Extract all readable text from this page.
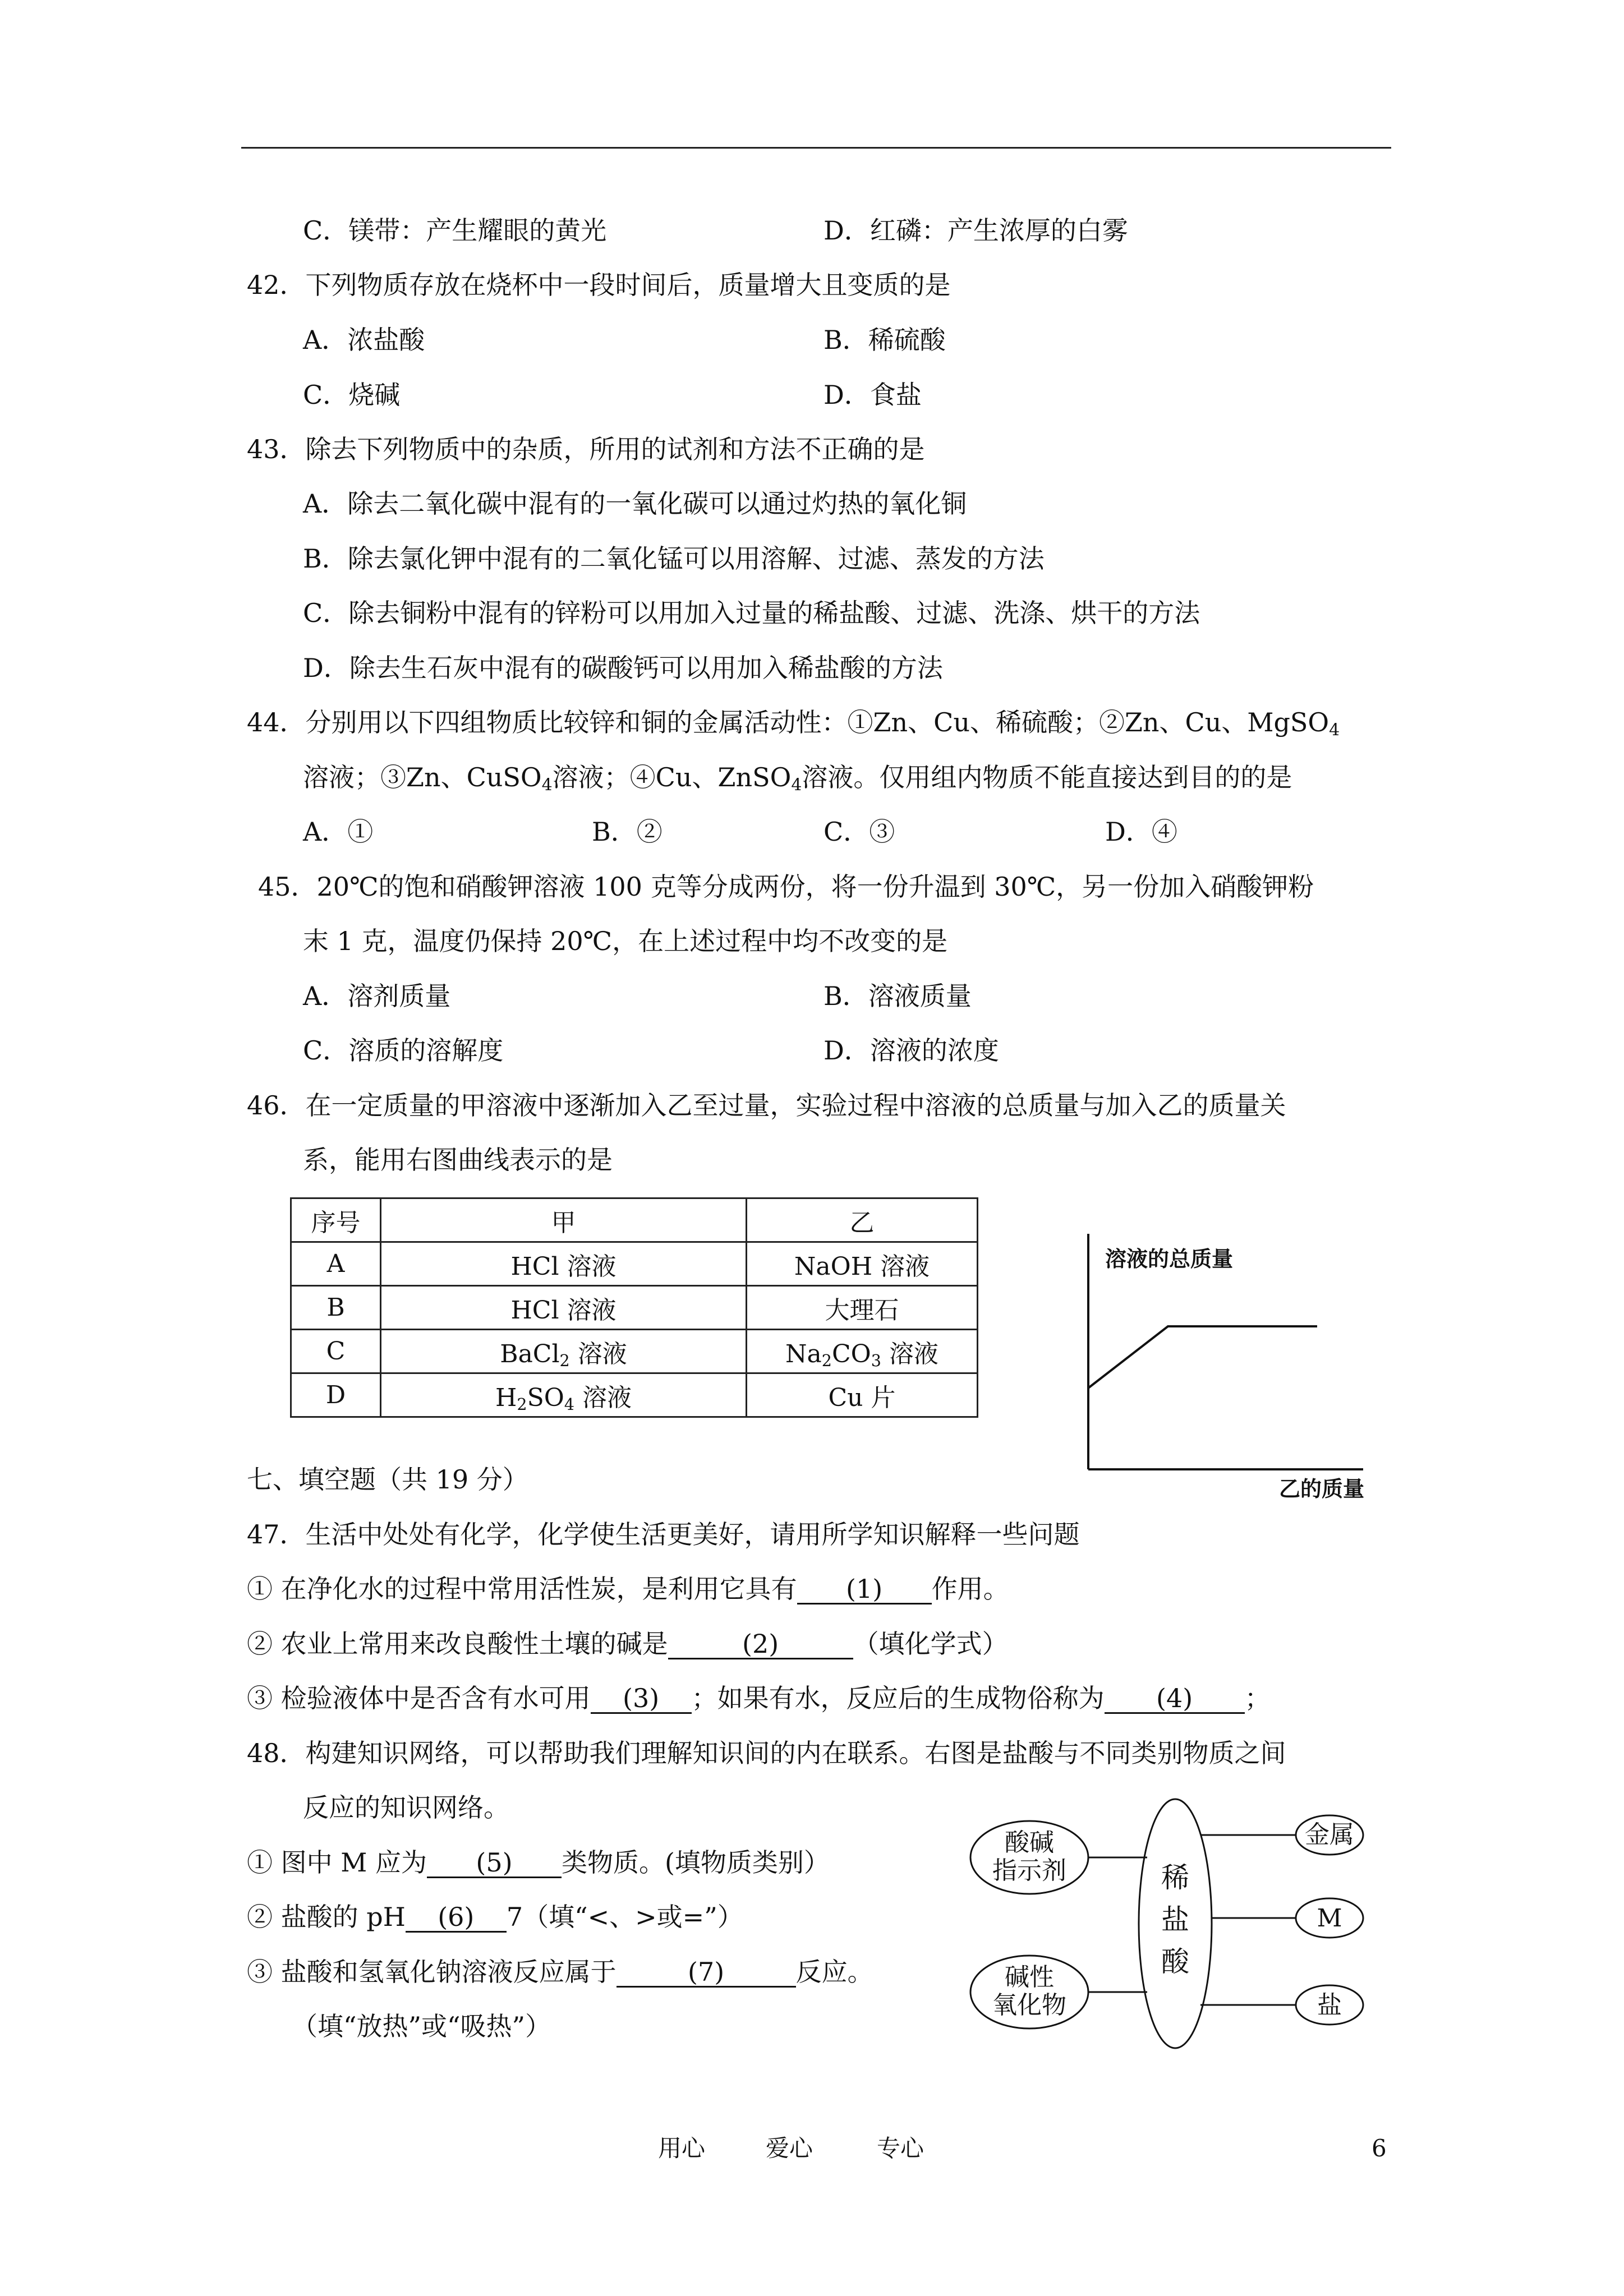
C．镁带：产生耀眼的黄光	D．红磷：产生浓厚的白雾
42．下列物质存放在烧杯中一段时间后，质量增大且变质的是
A．浓盐酸	B．稀硫酸
C．烧碱	D．食盐
43．除去下列物质中的杂质，所用的试剂和方法不正确的是
A．除去二氧化碳中混有的一氧化碳可以通过灼热的氧化铜
B．除去氯化钾中混有的二氧化锰可以用溶解、过滤、蒸发的方法
C．除去铜粉中混有的锌粉可以用加入过量的稀盐酸、过滤、洗涤、烘干的方法
D．除去生石灰中混有的碳酸钙可以用加入稀盐酸的方法
44．分别用以下四组物质比较锌和铜的金属活动性：①Zn、Cu、稀硫酸；②Zn、Cu、MgSO$_4$
溶液；③Zn、CuSO$_4$溶液；④Cu、ZnSO$_4$溶液。仅用组内物质不能直接达到目的的是
A．①	B．②	C．③	D．④
45．20℃的饱和硝酸钾溶液 100 克等分成两份，将一份升温到 30℃，另一份加入硝酸钾粉
末 1 克，温度仍保持 20℃，在上述过程中均不改变的是
A．溶剂质量	B．溶液质量
C．溶质的溶解度	D．溶液的浓度
46．在一定质量的甲溶液中逐渐加入乙至过量，实验过程中溶液的总质量与加入乙的质量关
系，能用右图曲线表示的是
序号	甲	乙
A	HCl 溶液	NaOH 溶液
B	HCl 溶液	大理石
C	BaCl$_2$ 溶液	$Na_2CO_3$ 溶液
D	$H_2SO_4$ 溶液	Cu 片
溶液的总质量
乙的质量
七、填空题（共 19 分）
47．生活中处处有化学，化学使生活更美好，请用所学知识解释一些问题
① 在净化水的过程中常用活性炭，是利用它具有 (1) 作用。
② 农业上常用来改良酸性土壤的碱是	(2)	（填化学式）
③ 检验液体中是否含有水可用 (3) ；如果有水，反应后的生成物俗称为 (4) ；
48．构建知识网络，可以帮助我们理解知识间的内在联系。右图是盐酸与不同类别物质之间
反应的知识网络。
① 图中 M 应为 (5) 类物质。(填物质类别）
② 盐酸的 pH (6) 7（填“<、>或=”）
③ 盐酸和氢氧化钠溶液反应属于	(7)	反应。
（填“放热”或“吸热”）
酸碱
指示剂
碱性
氧化物
稀
盐
酸
金属
M
盐
用心	爱心	专心	6
